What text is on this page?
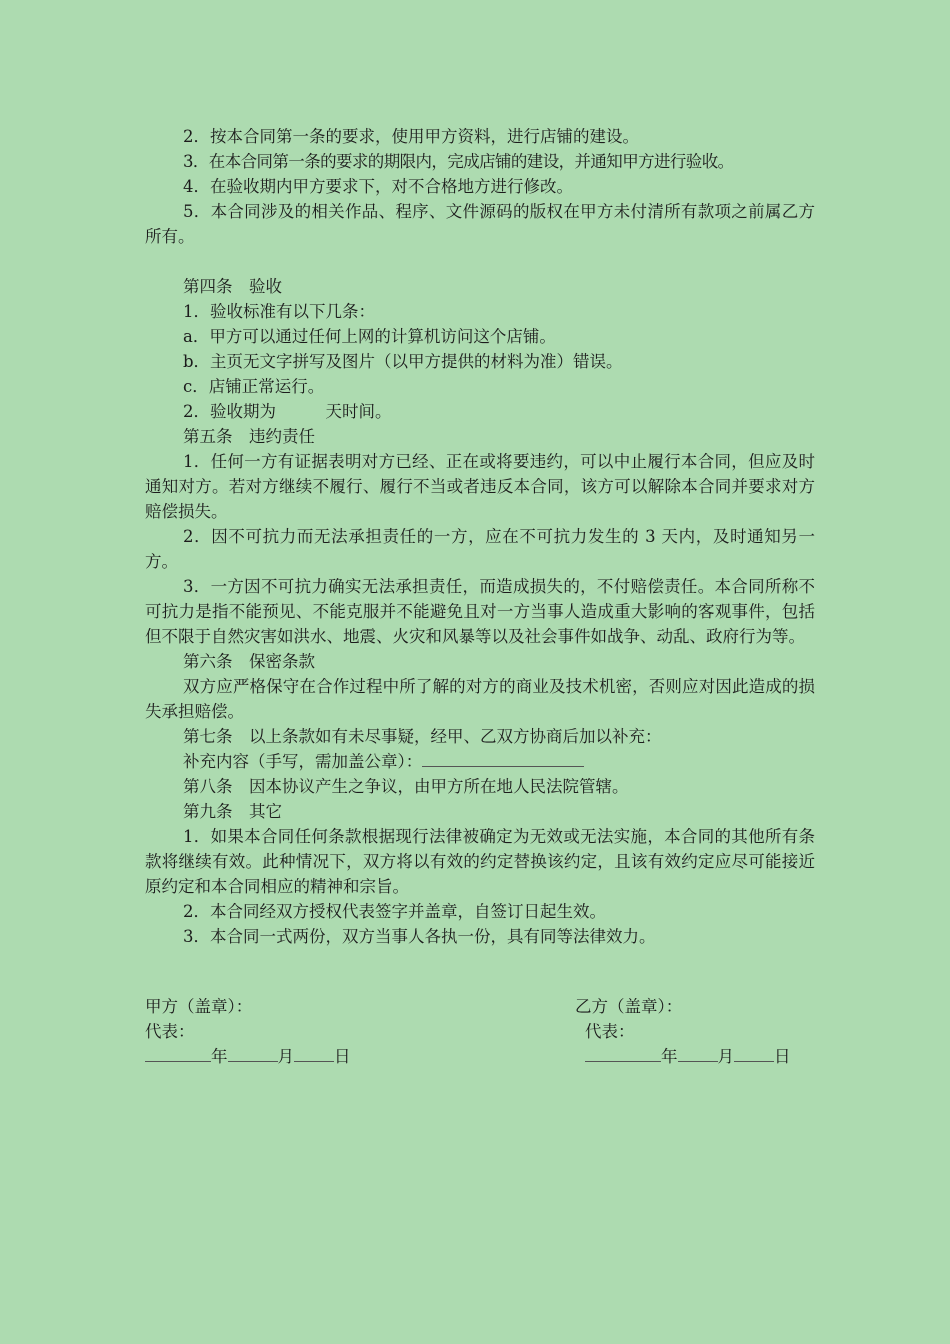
2．按本合同第一条的要求，使用甲方资料，进行店铺的建设。

3．在本合同第一条的要求的期限内，完成店铺的建设，并通知甲方进行验收。

4．在验收期内甲方要求下，对不合格地方进行修改。

5．本合同涉及的相关作品、程序、文件源码的版权在甲方未付清所有款项之前属乙方所有。

第四条　验收

1．验收标准有以下几条：

a．甲方可以通过任何上网的计算机访问这个店铺。

b．主页无文字拼写及图片（以甲方提供的材料为准）错误。

c．店铺正常运行。

2．验收期为　　　天时间。

第五条　违约责任

1．任何一方有证据表明对方已经、正在或将要违约，可以中止履行本合同，但应及时通知对方。若对方继续不履行、履行不当或者违反本合同，该方可以解除本合同并要求对方赔偿损失。

2．因不可抗力而无法承担责任的一方，应在不可抗力发生的 3 天内，及时通知另一方。

3．一方因不可抗力确实无法承担责任，而造成损失的，不付赔偿责任。本合同所称不可抗力是指不能预见、不能克服并不能避免且对一方当事人造成重大影响的客观事件，包括但不限于自然灾害如洪水、地震、火灾和风暴等以及社会事件如战争、动乱、政府行为等。

第六条　保密条款

双方应严格保守在合作过程中所了解的对方的商业及技术机密，否则应对因此造成的损失承担赔偿。

第七条　以上条款如有未尽事疑，经甲、乙双方协商后加以补充：

补充内容（手写，需加盖公章）：

第八条　因本协议产生之争议，由甲方所在地人民法院管辖。

第九条　其它

1．如果本合同任何条款根据现行法律被确定为无效或无法实施，本合同的其他所有条款将继续有效。此种情况下，双方将以有效的约定替换该约定，且该有效约定应尽可能接近原约定和本合同相应的精神和宗旨。

2．本合同经双方授权代表签字并盖章，自签订日起生效。

3．本合同一式两份，双方当事人各执一份，具有同等法律效力。

甲方（盖章）：
代表：
年	月 日
乙方（盖章）：
代表：
年 月 日
